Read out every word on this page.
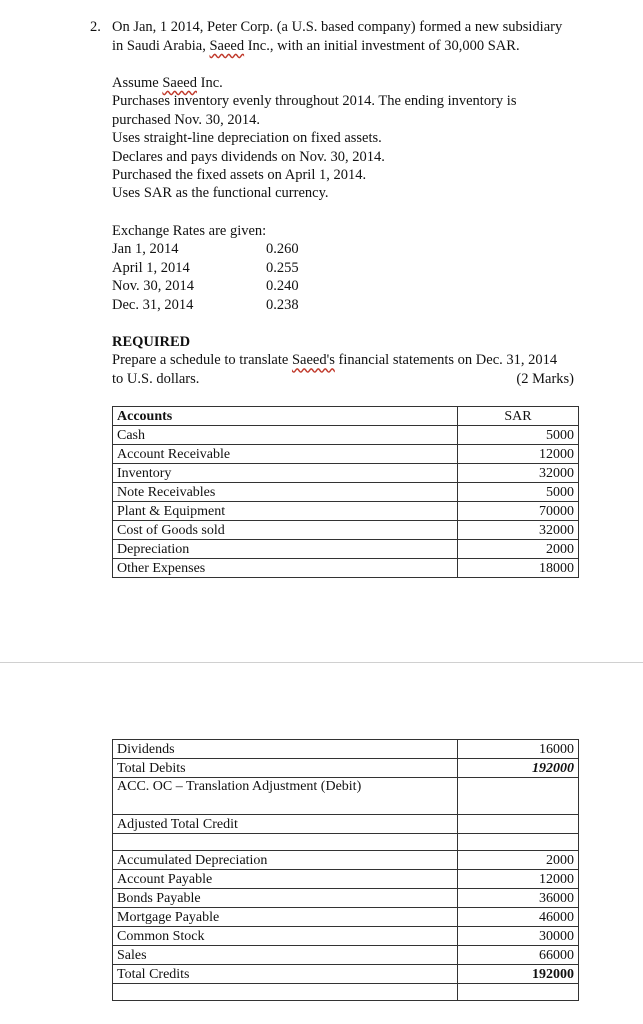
2. On Jan, 1 2014, Peter Corp. (a U.S. based company) formed a new subsidiary
in Saudi Arabia, Saeed Inc., with an initial investment of 30,000 SAR.
Assume Saeed Inc.
Purchases inventory evenly throughout 2014. The ending inventory is
purchased Nov. 30, 2014.
Uses straight-line depreciation on fixed assets.
Declares and pays dividends on Nov. 30, 2014.
Purchased the fixed assets on April 1, 2014.
Uses SAR as the functional currency.
Exchange Rates are given:
Jan 1, 2014	0.260
April 1, 2014	0.255
Nov. 30, 2014	0.240
Dec. 31, 2014	0.238
REQUIRED
Prepare a schedule to translate Saeed's financial statements on Dec. 31, 2014
to U.S. dollars.	(2 Marks)
Accounts	SAR
Cash	5000
Account Receivable	12000
Inventory	32000
Note Receivables	5000
Plant & Equipment	70000
Cost of Goods sold	32000
Depreciation	2000
Other Expenses	18000
Dividends	16000
Total Debits	192000
ACC. OC – Translation Adjustment (Debit)	
Adjusted Total Credit	

Accumulated Depreciation	2000
Account Payable	12000
Bonds Payable	36000
Mortgage Payable	46000
Common Stock	30000
Sales	66000
Total Credits	192000
